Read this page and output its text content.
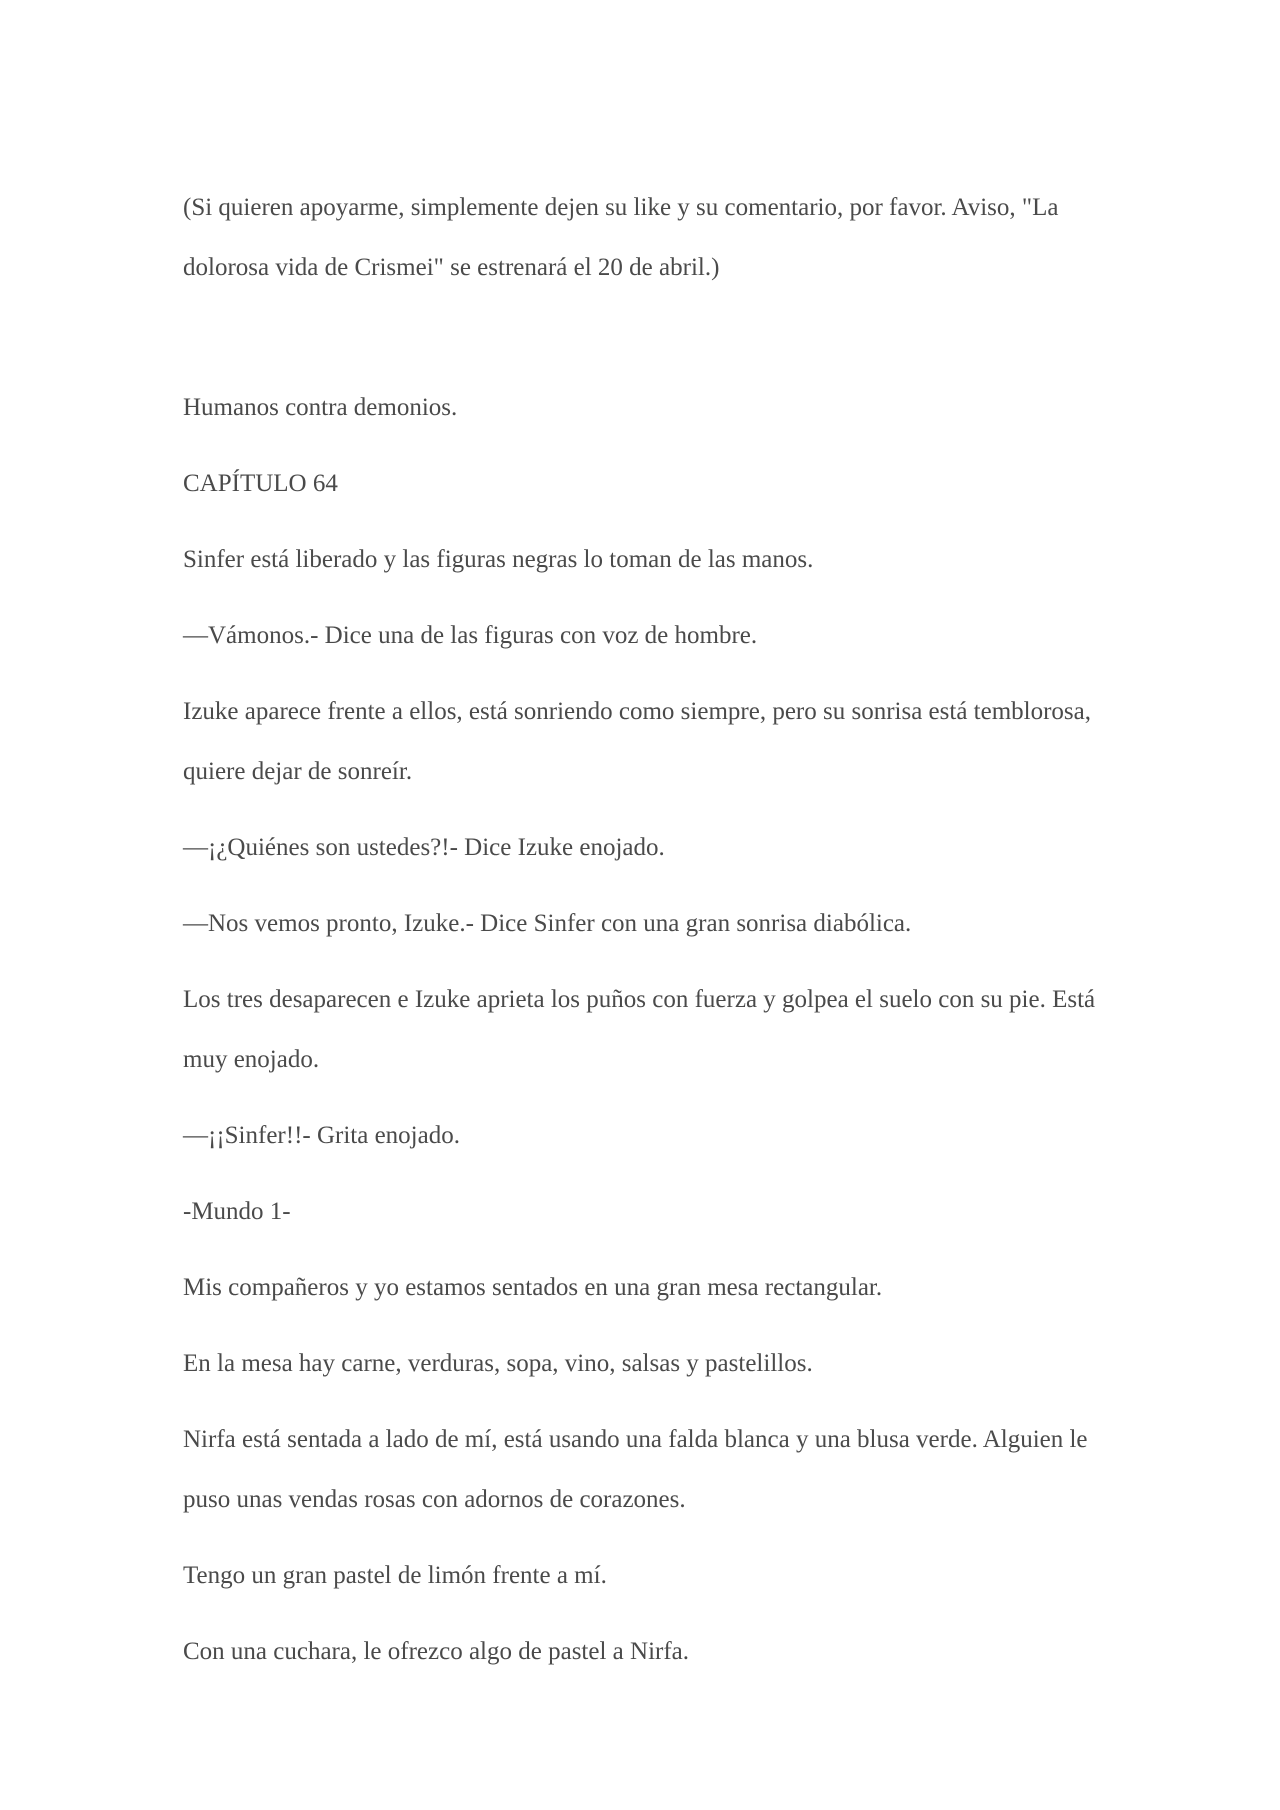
(Si quieren apoyarme, simplemente dejen su like y su comentario, por favor. Aviso, "La dolorosa vida de Crismei" se estrenará el 20 de abril.)

Humanos contra demonios.

CAPÍTULO 64

Sinfer está liberado y las figuras negras lo toman de las manos.

—Vámonos.- Dice una de las figuras con voz de hombre.

Izuke aparece frente a ellos, está sonriendo como siempre, pero su sonrisa está temblorosa, quiere dejar de sonreír.

—¡¿Quiénes son ustedes?!- Dice Izuke enojado.

—Nos vemos pronto, Izuke.- Dice Sinfer con una gran sonrisa diabólica.

Los tres desaparecen e Izuke aprieta los puños con fuerza y golpea el suelo con su pie. Está muy enojado.

—¡¡Sinfer!!- Grita enojado.

-Mundo 1-

Mis compañeros y yo estamos sentados en una gran mesa rectangular.

En la mesa hay carne, verduras, sopa, vino, salsas y pastelillos.

Nirfa está sentada a lado de mí, está usando una falda blanca y una blusa verde. Alguien le puso unas vendas rosas con adornos de corazones.

Tengo un gran pastel de limón frente a mí.

Con una cuchara, le ofrezco algo de pastel a Nirfa.
